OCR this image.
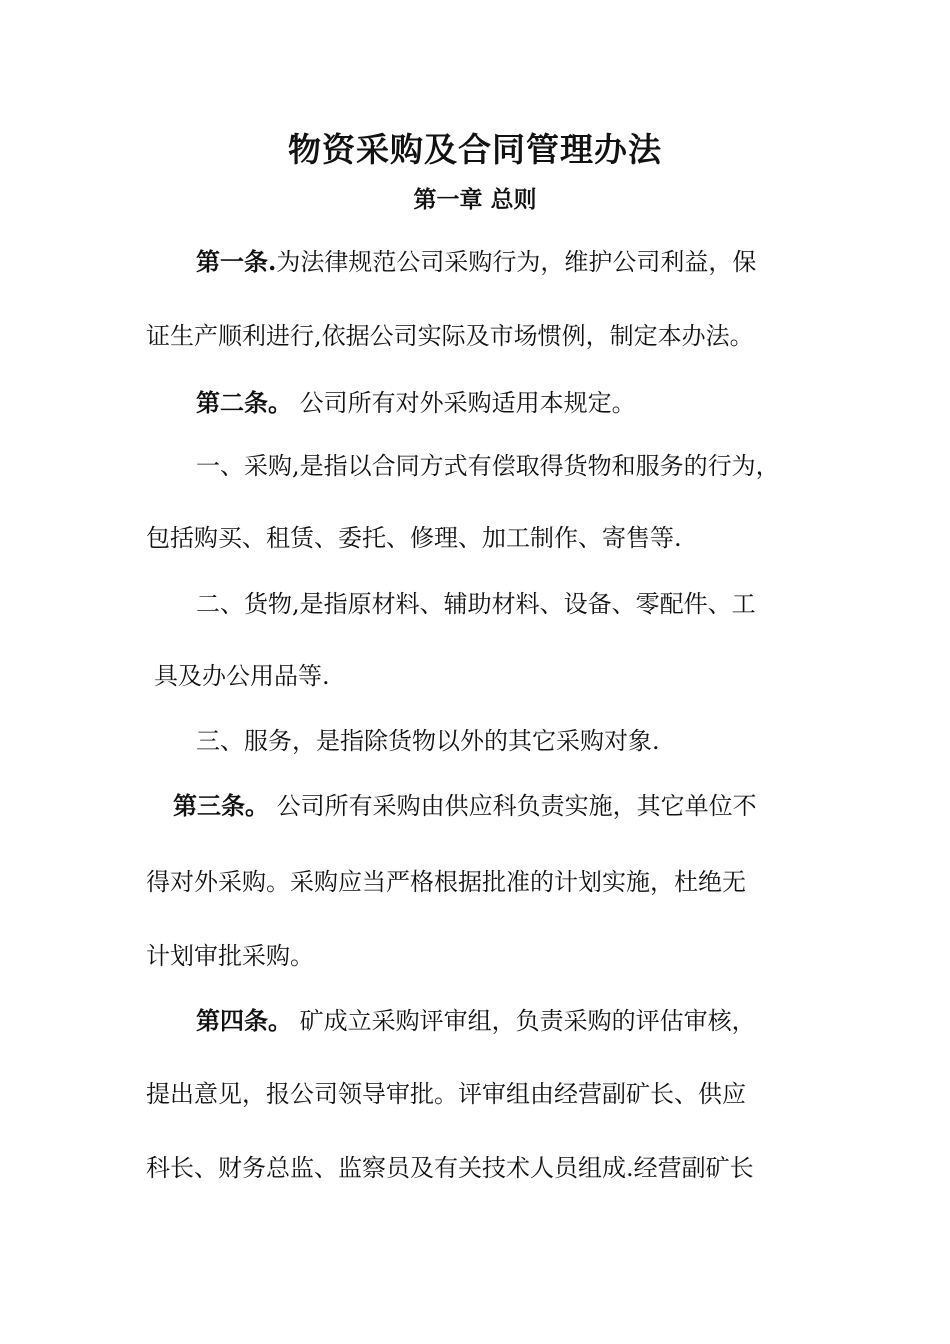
物资采购及合同管理办法
第一章 总则
第一条.为法律规范公司采购行为，维护公司利益，保
证生产顺利进行,依据公司实际及市场惯例，制定本办法。
第二条。 公司所有对外采购适用本规定。
一、采购,是指以合同方式有偿取得货物和服务的行为，
包括购买、租赁、委托、修理、加工制作、寄售等.
二、货物,是指原材料、辅助材料、设备、零配件、工
具及办公用品等.
三、服务，是指除货物以外的其它采购对象.
第三条。 公司所有采购由供应科负责实施，其它单位不
得对外采购。采购应当严格根据批准的计划实施，杜绝无
计划审批采购。
第四条。 矿成立采购评审组，负责采购的评估审核，
提出意见，报公司领导审批。评审组由经营副矿长、供应
科长、财务总监、监察员及有关技术人员组成.经营副矿长
